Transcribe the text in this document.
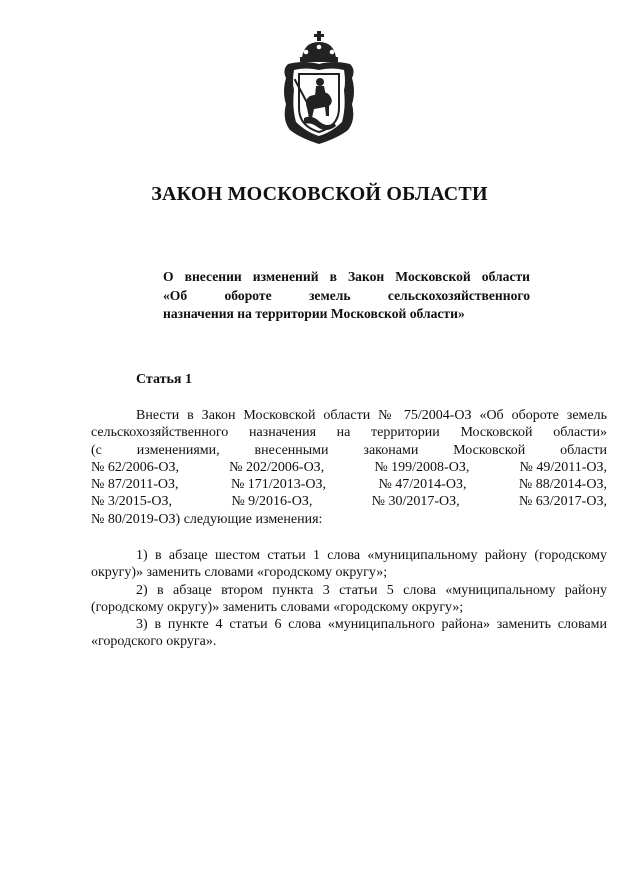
ЗАКОН МОСКОВСКОЙ ОБЛАСТИ
О внесении изменений в Закон Московской области
«Об обороте земель сельскохозяйственного
назначения на территории Московской области»
Статья 1
Внести в Закон Московской области № 75/2004-ОЗ «Об обороте земель
сельскохозяйственного назначения на территории Московской области»
(с изменениями, внесенными законами Московской области
№ 62/2006-ОЗ,	№ 202/2006-ОЗ,	№ 199/2008-ОЗ,	№ 49/2011-ОЗ,
№ 87/2011-ОЗ,	№ 171/2013-ОЗ,	№ 47/2014-ОЗ,	№ 88/2014-ОЗ,
№ 3/2015-ОЗ,	№ 9/2016-ОЗ,	№ 30/2017-ОЗ,	№ 63/2017-ОЗ,
№ 80/2019-ОЗ) следующие изменения:
1) в абзаце шестом статьи 1 слова «муниципальному району (городскому
округу)» заменить словами «городскому округу»;
2) в абзаце втором пункта 3 статьи 5 слова «муниципальному району
(городскому округу)» заменить словами «городскому округу»;
3) в пункте 4 статьи 6 слова «муниципального района» заменить словами
«городского округа».
